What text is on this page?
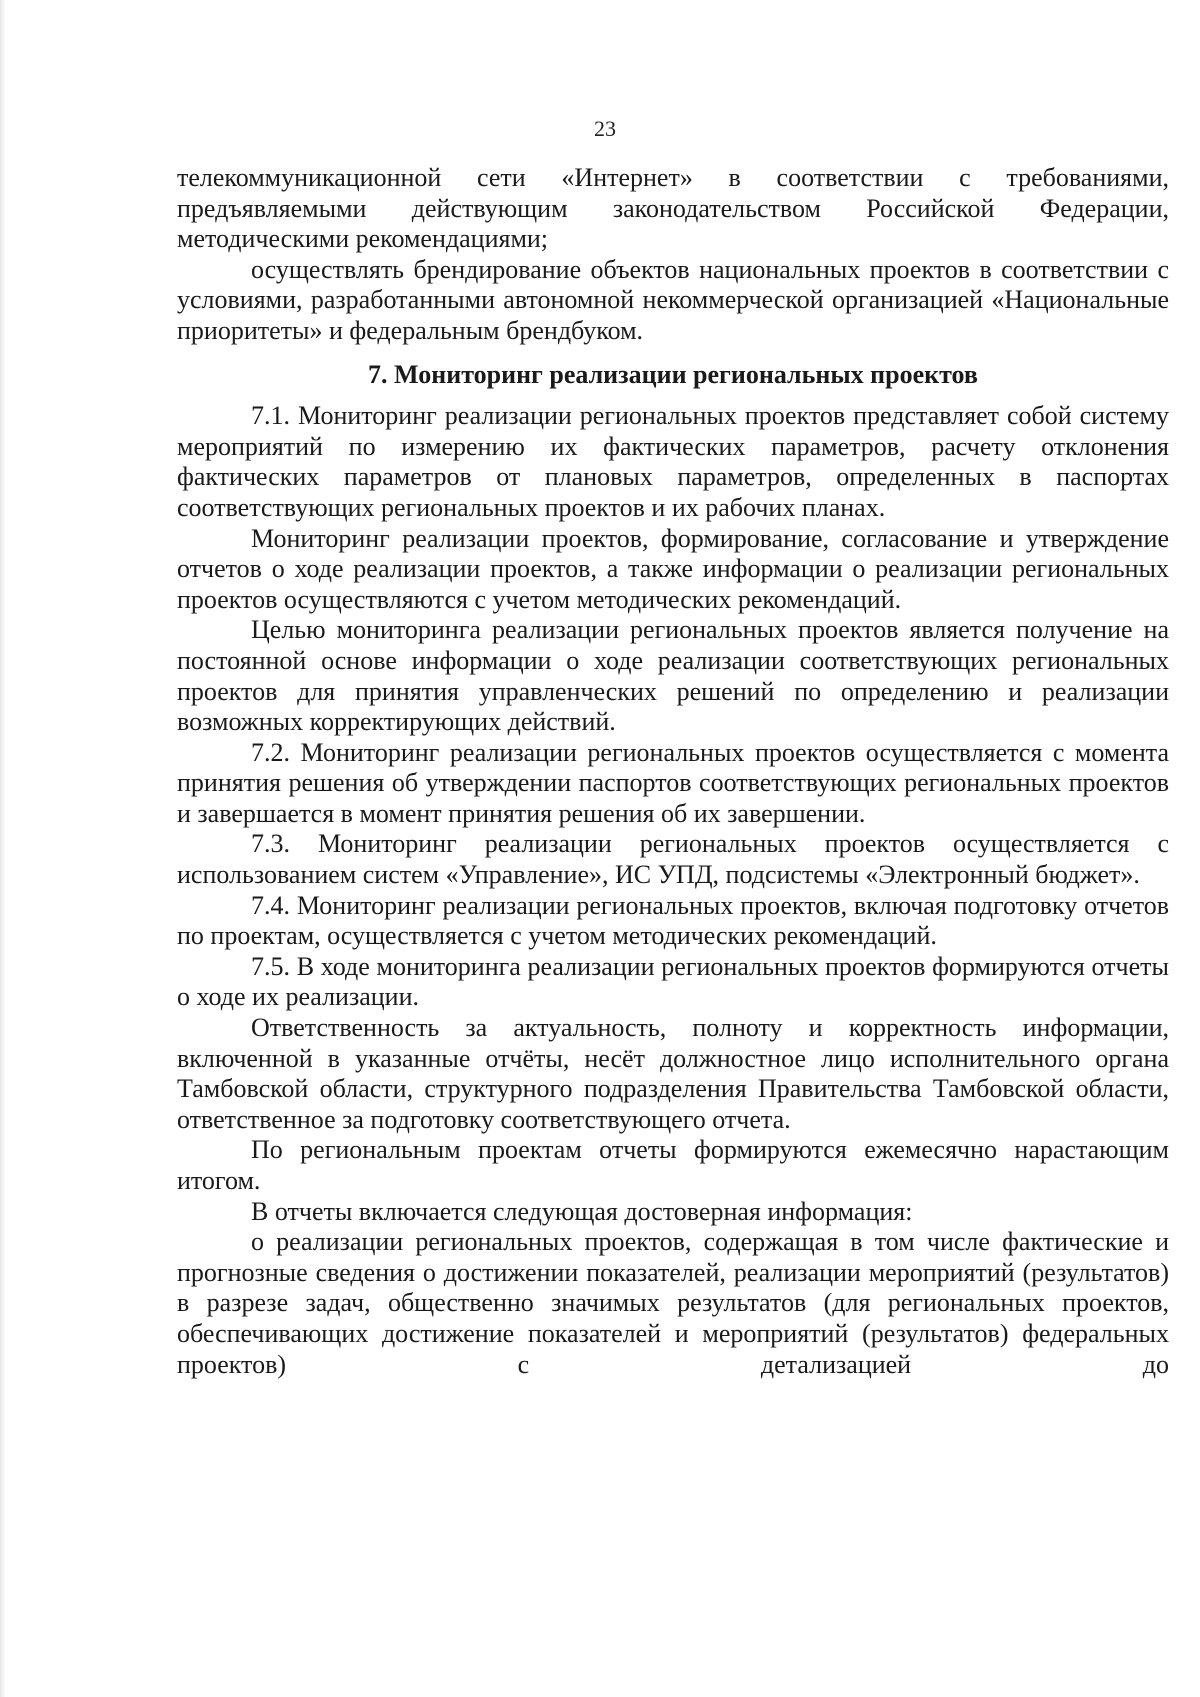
23

телекоммуникационной сети «Интернет» в соответствии с требованиями, предъявляемыми действующим законодательством Российской Федерации, методическими рекомендациями;

осуществлять брендирование объектов национальных проектов в соответствии с условиями, разработанными автономной некоммерческой организацией «Национальные приоритеты» и федеральным брендбуком.

7. Мониторинг реализации региональных проектов

7.1. Мониторинг реализации региональных проектов представляет собой систему мероприятий по измерению их фактических параметров, расчету отклонения фактических параметров от плановых параметров, определенных в паспортах соответствующих региональных проектов и их рабочих планах.

Мониторинг реализации проектов, формирование, согласование и утверждение отчетов о ходе реализации проектов, а также информации о реализации региональных проектов осуществляются с учетом методических рекомендаций.

Целью мониторинга реализации региональных проектов является получение на постоянной основе информации о ходе реализации соответствующих региональных проектов для принятия управленческих решений по определению и реализации возможных корректирующих действий.

7.2. Мониторинг реализации региональных проектов осуществляется с момента принятия решения об утверждении паспортов соответствующих региональных проектов и завершается в момент принятия решения об их завершении.

7.3. Мониторинг реализации региональных проектов осуществляется с использованием систем «Управление», ИС УПД, подсистемы «Электронный бюджет».

7.4. Мониторинг реализации региональных проектов, включая подготовку отчетов по проектам, осуществляется с учетом методических рекомендаций.

7.5. В ходе мониторинга реализации региональных проектов формируются отчеты о ходе их реализации.

Ответственность за актуальность, полноту и корректность информации, включенной в указанные отчёты, несёт должностное лицо исполнительного органа Тамбовской области, структурного подразделения Правительства Тамбовской области, ответственное за подготовку соответствующего отчета.

По региональным проектам отчеты формируются ежемесячно нарастающим итогом.

В отчеты включается следующая достоверная информация:

о реализации региональных проектов, содержащая в том числе фактические и прогнозные сведения о достижении показателей, реализации мероприятий (результатов) в разрезе задач, общественно значимых результатов (для региональных проектов, обеспечивающих достижение показателей и мероприятий (результатов) федеральных проектов) с детализацией до
